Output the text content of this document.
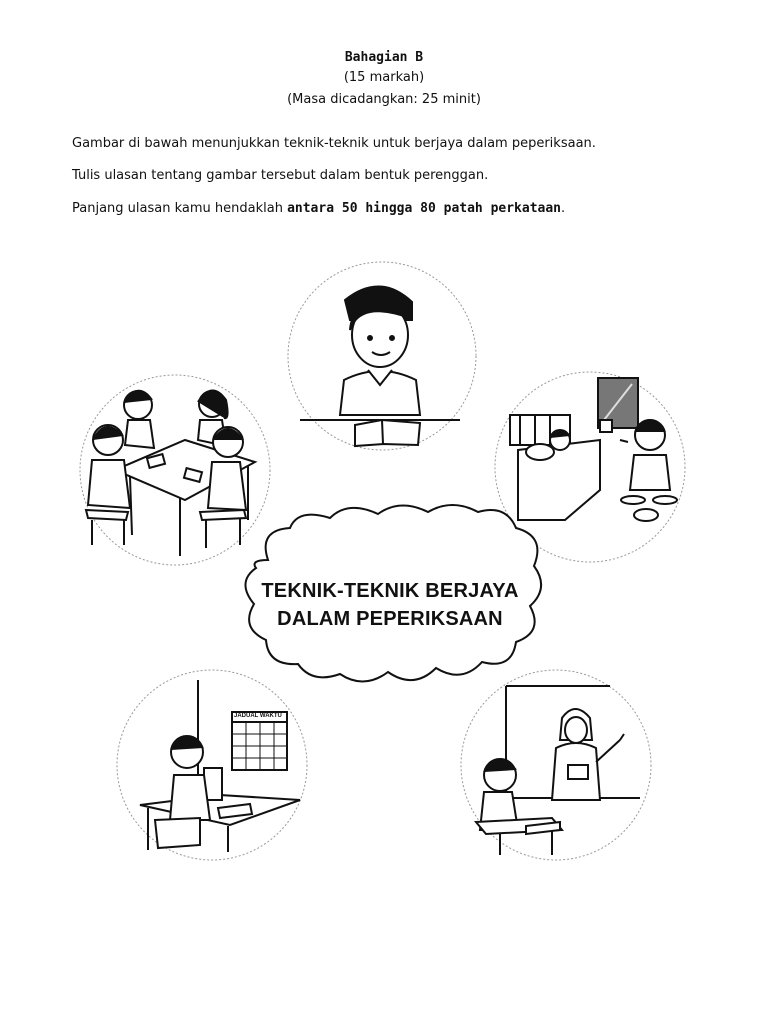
Bahagian B
(15 markah)
(Masa dicadangkan: 25 minit)
Gambar di bawah menunjukkan teknik-teknik untuk berjaya dalam peperiksaan.
Tulis ulasan tentang gambar tersebut dalam bentuk perenggan.
Panjang ulasan kamu hendaklah antara 50 hingga 80 patah perkataan.
TEKNIK-TEKNIK BERJAYA
DALAM PEPERIKSAAN
JADUAL WAKTU
